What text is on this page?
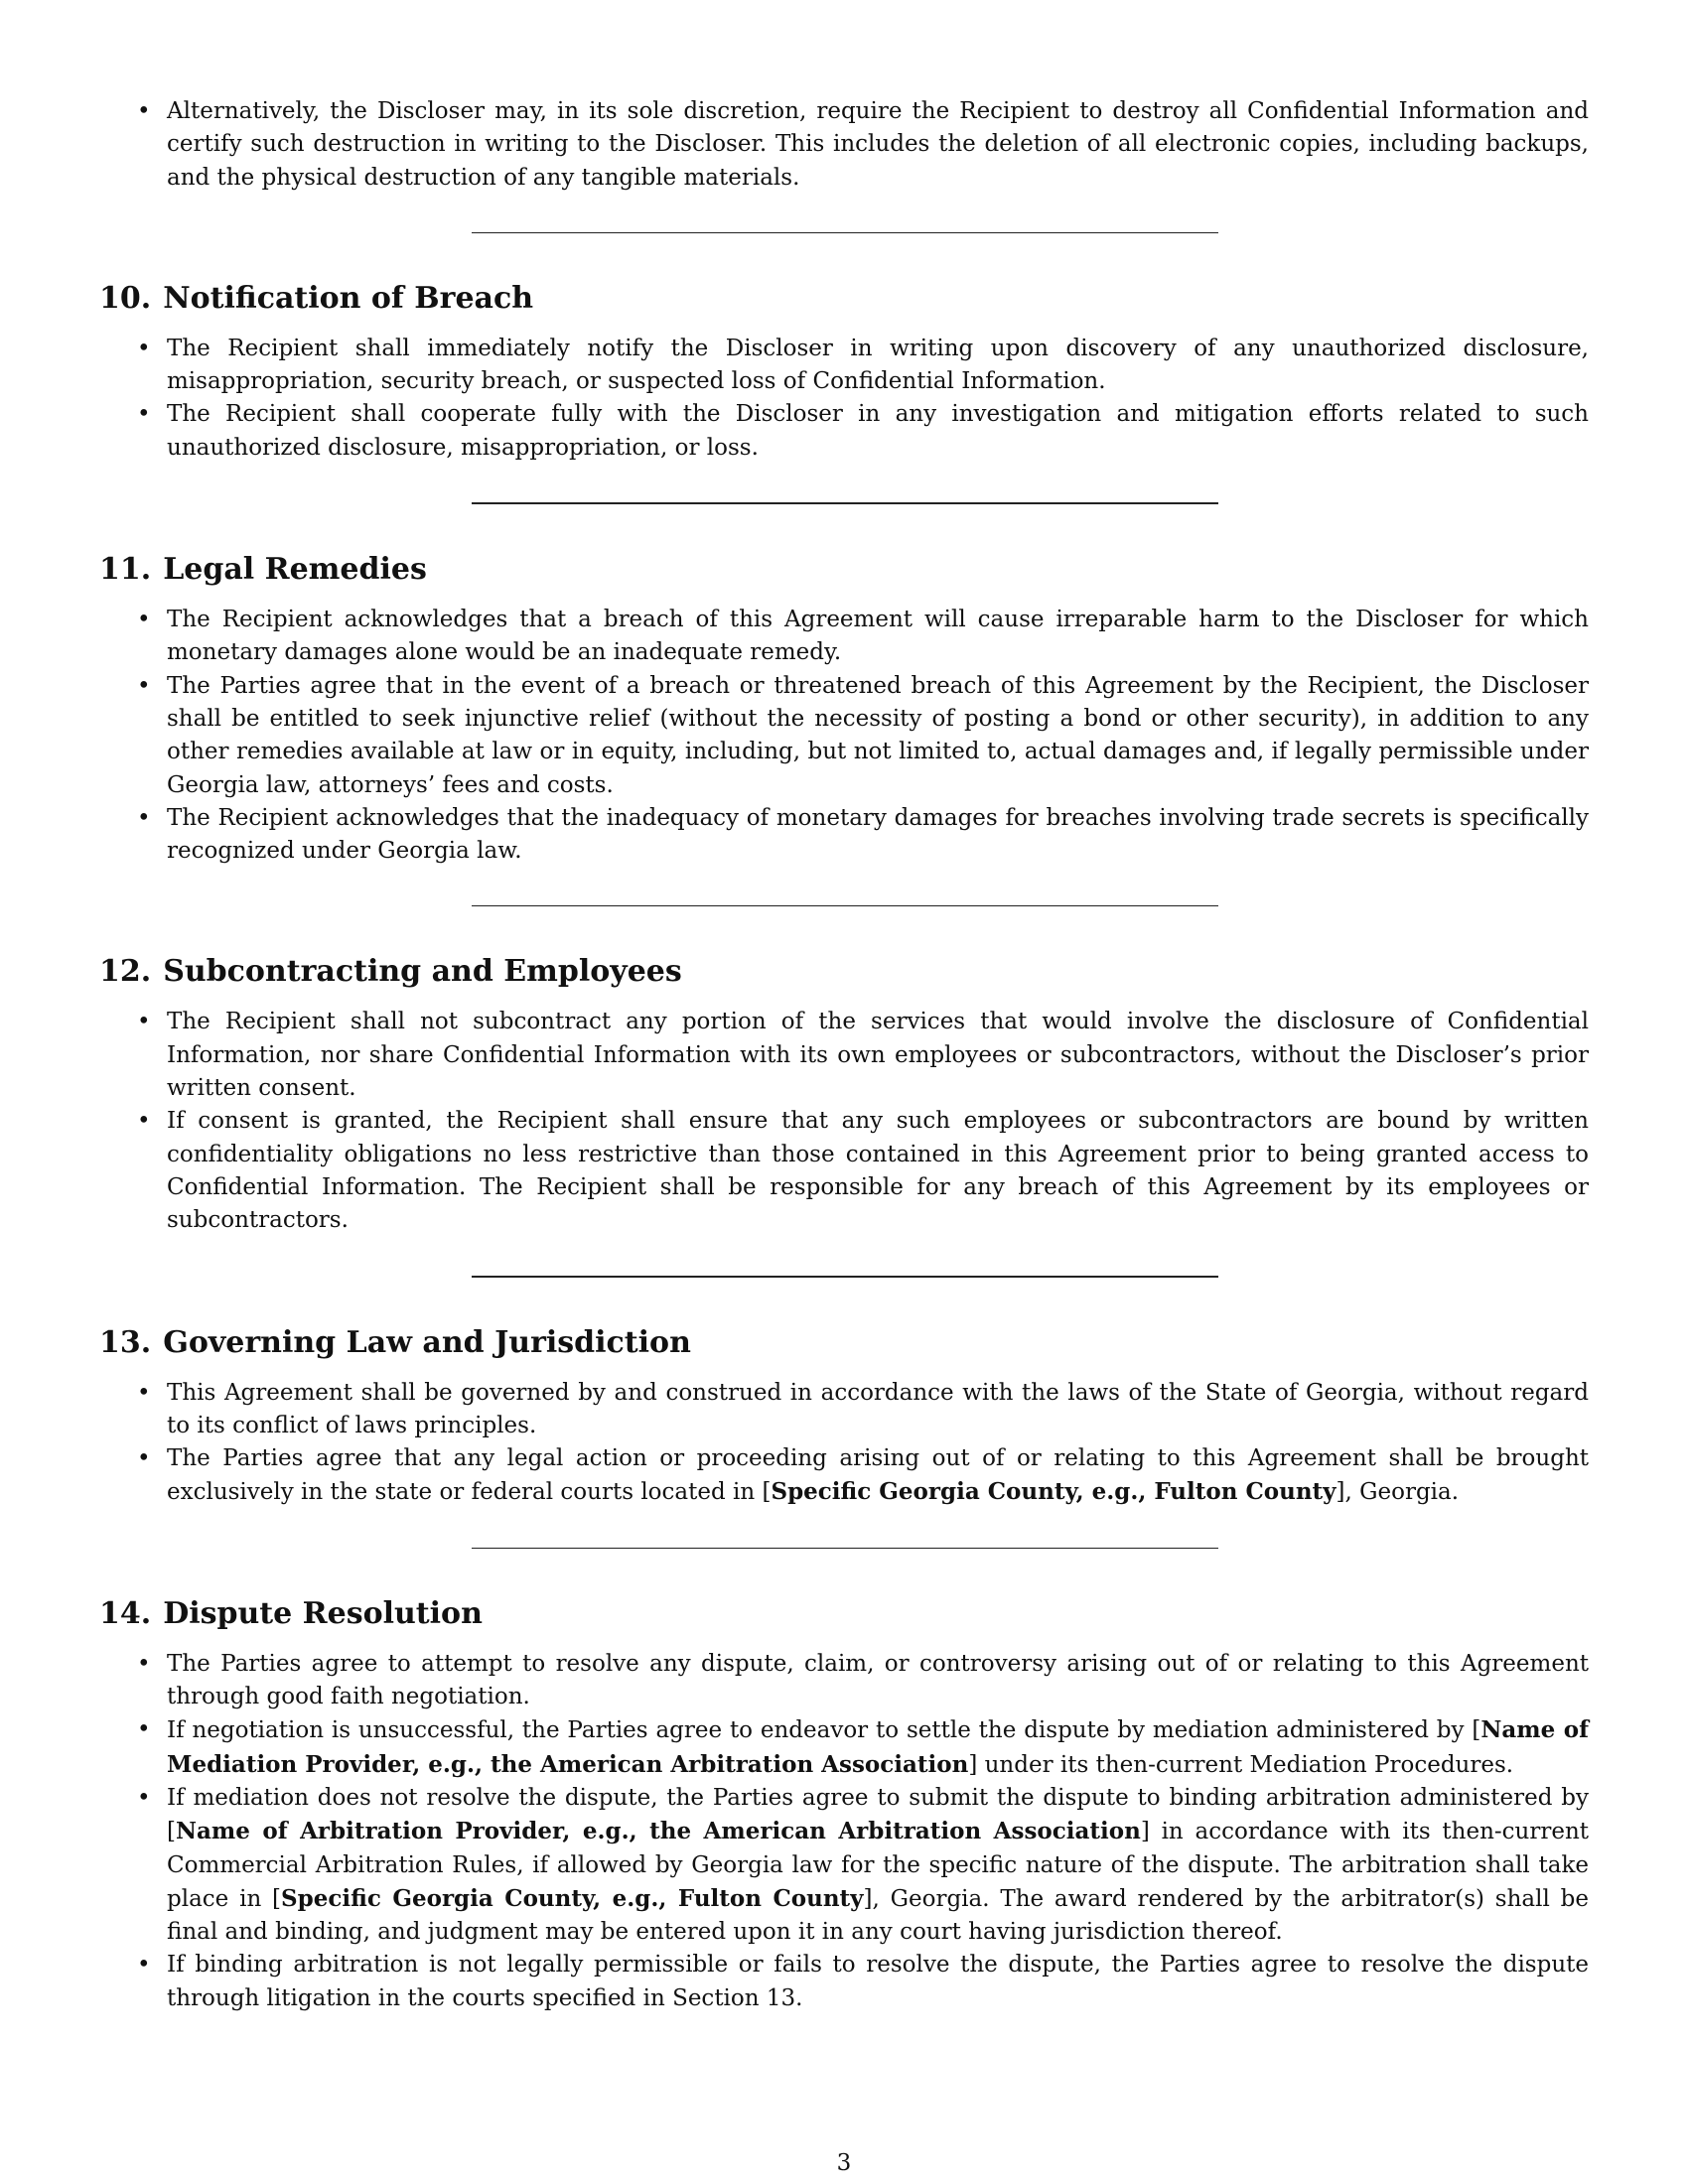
• Alternatively, the Discloser may, in its sole discretion, require the Recipient to destroy all Confidential Information and certify such destruction in writing to the Discloser. This includes the deletion of all electronic copies, including backups, and the physical destruction of any tangible materials.
10. Notification of Breach
• The Recipient shall immediately notify the Discloser in writing upon discovery of any unauthorized disclosure, misappropriation, security breach, or suspected loss of Confidential Information.
• The Recipient shall cooperate fully with the Discloser in any investigation and mitigation efforts related to such unauthorized disclosure, misappropriation, or loss.
11. Legal Remedies
• The Recipient acknowledges that a breach of this Agreement will cause irreparable harm to the Discloser for which monetary damages alone would be an inadequate remedy.
• The Parties agree that in the event of a breach or threatened breach of this Agreement by the Recipient, the Discloser shall be entitled to seek injunctive relief (without the necessity of posting a bond or other security), in addition to any other remedies available at law or in equity, including, but not limited to, actual damages and, if legally permissible under Georgia law, attorneys’ fees and costs.
• The Recipient acknowledges that the inadequacy of monetary damages for breaches involving trade secrets is specifically recognized under Georgia law.
12. Subcontracting and Employees
• The Recipient shall not subcontract any portion of the services that would involve the disclosure of Confidential Information, nor share Confidential Information with its own employees or subcontractors, without the Discloser’s prior written consent.
• If consent is granted, the Recipient shall ensure that any such employees or subcontractors are bound by written confidentiality obligations no less restrictive than those contained in this Agreement prior to being granted access to Confidential Information. The Recipient shall be responsible for any breach of this Agreement by its employees or subcontractors.
13. Governing Law and Jurisdiction
• This Agreement shall be governed by and construed in accordance with the laws of the State of Georgia, without regard to its conflict of laws principles.
• The Parties agree that any legal action or proceeding arising out of or relating to this Agreement shall be brought exclusively in the state or federal courts located in [Specific Georgia County, e.g., Fulton County], Georgia.
14. Dispute Resolution
• The Parties agree to attempt to resolve any dispute, claim, or controversy arising out of or relating to this Agreement through good faith negotiation.
• If negotiation is unsuccessful, the Parties agree to endeavor to settle the dispute by mediation administered by [Name of Mediation Provider, e.g., the American Arbitration Association] under its then-current Mediation Procedures.
• If mediation does not resolve the dispute, the Parties agree to submit the dispute to binding arbitration administered by [Name of Arbitration Provider, e.g., the American Arbitration Association] in accordance with its then-current Commercial Arbitration Rules, if allowed by Georgia law for the specific nature of the dispute. The arbitration shall take place in [Specific Georgia County, e.g., Fulton County], Georgia. The award rendered by the arbitrator(s) shall be final and binding, and judgment may be entered upon it in any court having jurisdiction thereof.
• If binding arbitration is not legally permissible or fails to resolve the dispute, the Parties agree to resolve the dispute through litigation in the courts specified in Section 13.
3
